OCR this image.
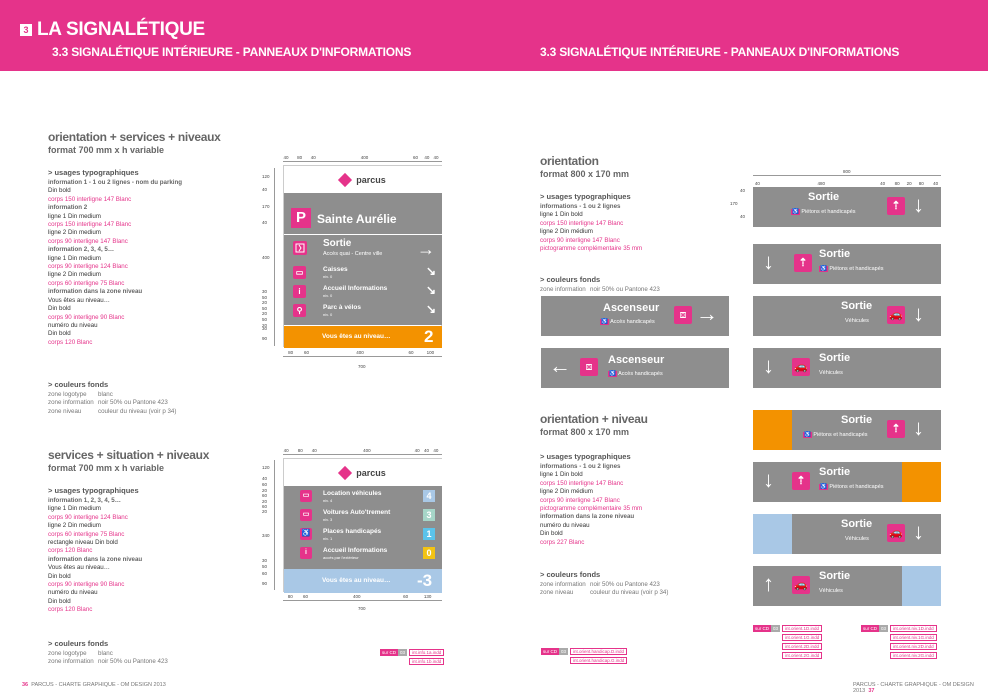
3 LA SIGNALÉTIQUE
3.3 SIGNALÉTIQUE INTÉRIEURE - PANNEAUX D'INFORMATIONS	3.3 SIGNALÉTIQUE INTÉRIEURE - PANNEAUX D'INFORMATIONS
orientation + services + niveaux
format 700 mm x h variable
> usages typographiques
information 1 - 1 ou 2 lignes - nom du parking
Din bold
corps 150 interligne 147 Blanc
information 2
ligne 1 Din medium
corps 150 interligne 147 Blanc
ligne 2 Din medium
corps 90 interligne 147 Blanc
information 2, 3, 4, 5…
ligne 1 Din medium
corps 90 interligne 124 Blanc
ligne 2 Din medium
corps 60 interligne 75 Blanc
information dans la zone niveau
Vous êtes au niveau…
Din bold
corps 90 interligne 90 Blanc
numéro du niveau
Din bold
corps 120 Blanc
> couleurs fonds
zone logotype blanc
zone information noir 50% ou Pantone 423
zone niveau	couleur du niveau (voir p 34)
parcus
P Sainte Aurélie
Sortie
Accès quai - Centre ville →
▭	Caisses
niv. 0	↘
i	Accueil Informations
niv. 0	↘
⚲	Parc à vélos
niv. 0	↘
Vous êtes au niveau… 2
40 80 40	400	60 40 40
80 60	400	60	100
120
40
170
40
400
30
50
20
50
20
50
20
30
90
700
services + situation + niveaux
format 700 mm x h variable
> usages typographiques
information 1, 2, 3, 4, 5…
ligne 1 Din medium
corps 90 interligne 124 Blanc
ligne 2 Din medium
corps 60 interligne 75 Blanc
rectangle niveau Din bold
corps 120 Blanc
information dans la zone niveau
Vous êtes au niveau…
Din bold
corps 90 interligne 90 Blanc
numéro du niveau
Din bold
corps 120 Blanc
> couleurs fonds
zone logotype blanc
zone information noir 50% ou Pantone 423
parcus
▭	Location véhicules
niv. 4	4
▭	Voitures Auto'trement
niv. 3	3
♿ Places handicapés
niv. 1	1
i	Accueil Informations
accès par l'extérieur	0
Vous êtes au niveau… -3
40 80 40	400	40 40 40
80 60	400	60	130
120
40
60
20
60
20
60
20
340
30
50
60
90
700
sur CD 03	int.info.1a.indd
int.info.1b.indd
36 PARCUS - CHARTE GRAPHIQUE - OM DESIGN 2013
orientation
format 800 x 170 mm
> usages typographiques
informations - 1 ou 2 lignes
ligne 1 Din bold
corps 150 interligne 147 Blanc
ligne 2 Din médium
corps 90 interligne 147 Blanc
pictogramme complémentaire 35 mm
> couleurs fonds
zone information noir 50% ou Pantone 423
orientation + niveau
format 800 x 170 mm
> usages typographiques
informations - 1 ou 2 lignes
ligne 1 Din bold
corps 150 interligne 147 Blanc
ligne 2 Din médium
corps 90 interligne 147 Blanc
pictogramme complémentaire 35 mm
information dans la zone niveau
numéro du niveau
Din bold
corps 227 Blanc
> couleurs fonds
zone information noir 50% ou Pantone 423
zone niveau	couleur du niveau (voir p 34)
Ascenseur
♿ Accès handicapés
⧈ →
←	⧈
Ascenseur
♿ Accès handicapés
Sortie
♿ Piétons et handicapés	⇡ ↓
Sortie
♿ Piétons et handicapés
⇡
↓
Sortie
Véhicules 🚗 ↓
Sortie
Véhicules
🚗
↓
Sortie
♿ Piétons et handicapés	⇡ ↓
Sortie
♿ Piétons et handicapés
⇡
↓
Sortie
Véhicules 🚗 ↓
Sortie
Véhicules
🚗
↑
800
40	480	40 80 20 80 40
40
170
40
sur CD 03	int.orient.handicap.D.indd
int.orient.handicap.G.indd
sur CD 03	int.orient.1D.indd
int.orient.1G.indd
int.orient.2D.indd
int.orient.2G.indd
sur CD 03	int.orient.niv.1D.indd
int.orient.niv.1G.indd
int.orient.niv.2D.indd
int.orient.niv.2G.indd
PARCUS - CHARTE GRAPHIQUE - OM DESIGN 2013 37
